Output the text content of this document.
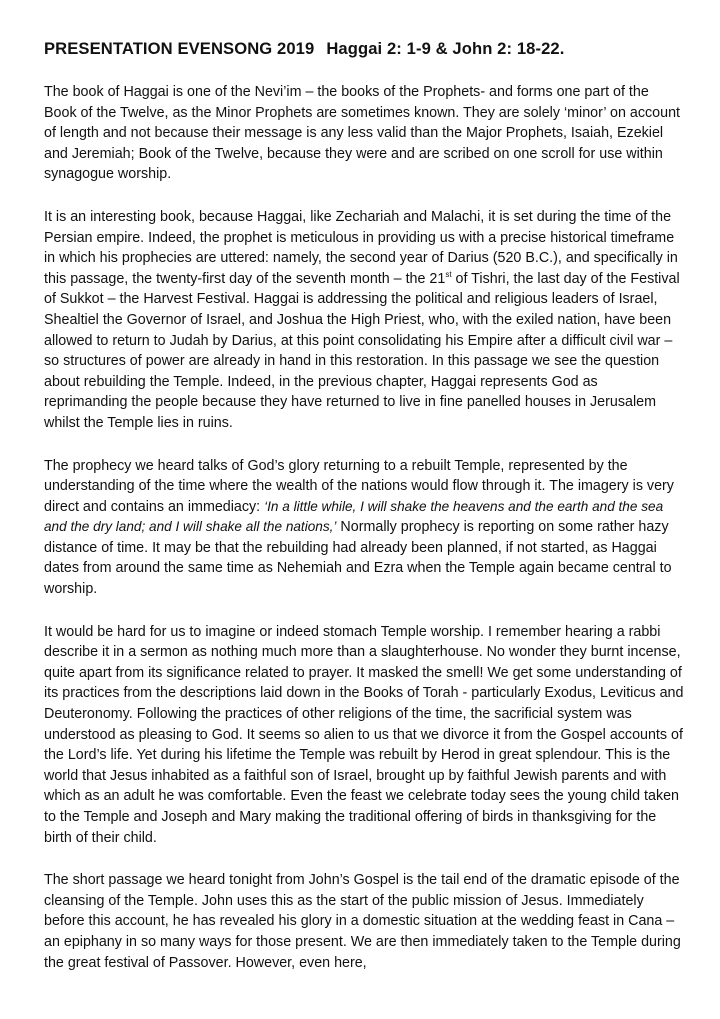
PRESENTATION EVENSONG 2019 Haggai 2: 1-9 & John 2: 18-22.

The book of Haggai is one of the Nevi’im – the books of the Prophets- and forms one part of the Book of the Twelve, as the Minor Prophets are sometimes known. They are solely ‘minor’ on account of length and not because their message is any less valid than the Major Prophets, Isaiah, Ezekiel and Jeremiah; Book of the Twelve, because they were and are scribed on one scroll for use within synagogue worship.

It is an interesting book, because Haggai, like Zechariah and Malachi, it is set during the time of the Persian empire. Indeed, the prophet is meticulous in providing us with a precise historical timeframe in which his prophecies are uttered: namely, the second year of Darius (520 B.C.), and specifically in this passage, the twenty-first day of the seventh month – the 21st of Tishri, the last day of the Festival of Sukkot – the Harvest Festival. Haggai is addressing the political and religious leaders of Israel, Shealtiel the Governor of Israel, and Joshua the High Priest, who, with the exiled nation, have been allowed to return to Judah by Darius, at this point consolidating his Empire after a difficult civil war – so structures of power are already in hand in this restoration. In this passage we see the question about rebuilding the Temple. Indeed, in the previous chapter, Haggai represents God as reprimanding the people because they have returned to live in fine panelled houses in Jerusalem whilst the Temple lies in ruins.

The prophecy we heard talks of God’s glory returning to a rebuilt Temple, represented by the understanding of the time where the wealth of the nations would flow through it. The imagery is very direct and contains an immediacy: ‘In a little while, I will shake the heavens and the earth and the sea and the dry land; and I will shake all the nations,’ Normally prophecy is reporting on some rather hazy distance of time. It may be that the rebuilding had already been planned, if not started, as Haggai dates from around the same time as Nehemiah and Ezra when the Temple again became central to worship.

It would be hard for us to imagine or indeed stomach Temple worship. I remember hearing a rabbi describe it in a sermon as nothing much more than a slaughterhouse. No wonder they burnt incense, quite apart from its significance related to prayer. It masked the smell! We get some understanding of its practices from the descriptions laid down in the Books of Torah - particularly Exodus, Leviticus and Deuteronomy. Following the practices of other religions of the time, the sacrificial system was understood as pleasing to God. It seems so alien to us that we divorce it from the Gospel accounts of the Lord’s life. Yet during his lifetime the Temple was rebuilt by Herod in great splendour. This is the world that Jesus inhabited as a faithful son of Israel, brought up by faithful Jewish parents and with which as an adult he was comfortable. Even the feast we celebrate today sees the young child taken to the Temple and Joseph and Mary making the traditional offering of birds in thanksgiving for the birth of their child.

The short passage we heard tonight from John’s Gospel is the tail end of the dramatic episode of the cleansing of the Temple. John uses this as the start of the public mission of Jesus. Immediately before this account, he has revealed his glory in a domestic situation at the wedding feast in Cana – an epiphany in so many ways for those present. We are then immediately taken to the Temple during the great festival of Passover. However, even here,
